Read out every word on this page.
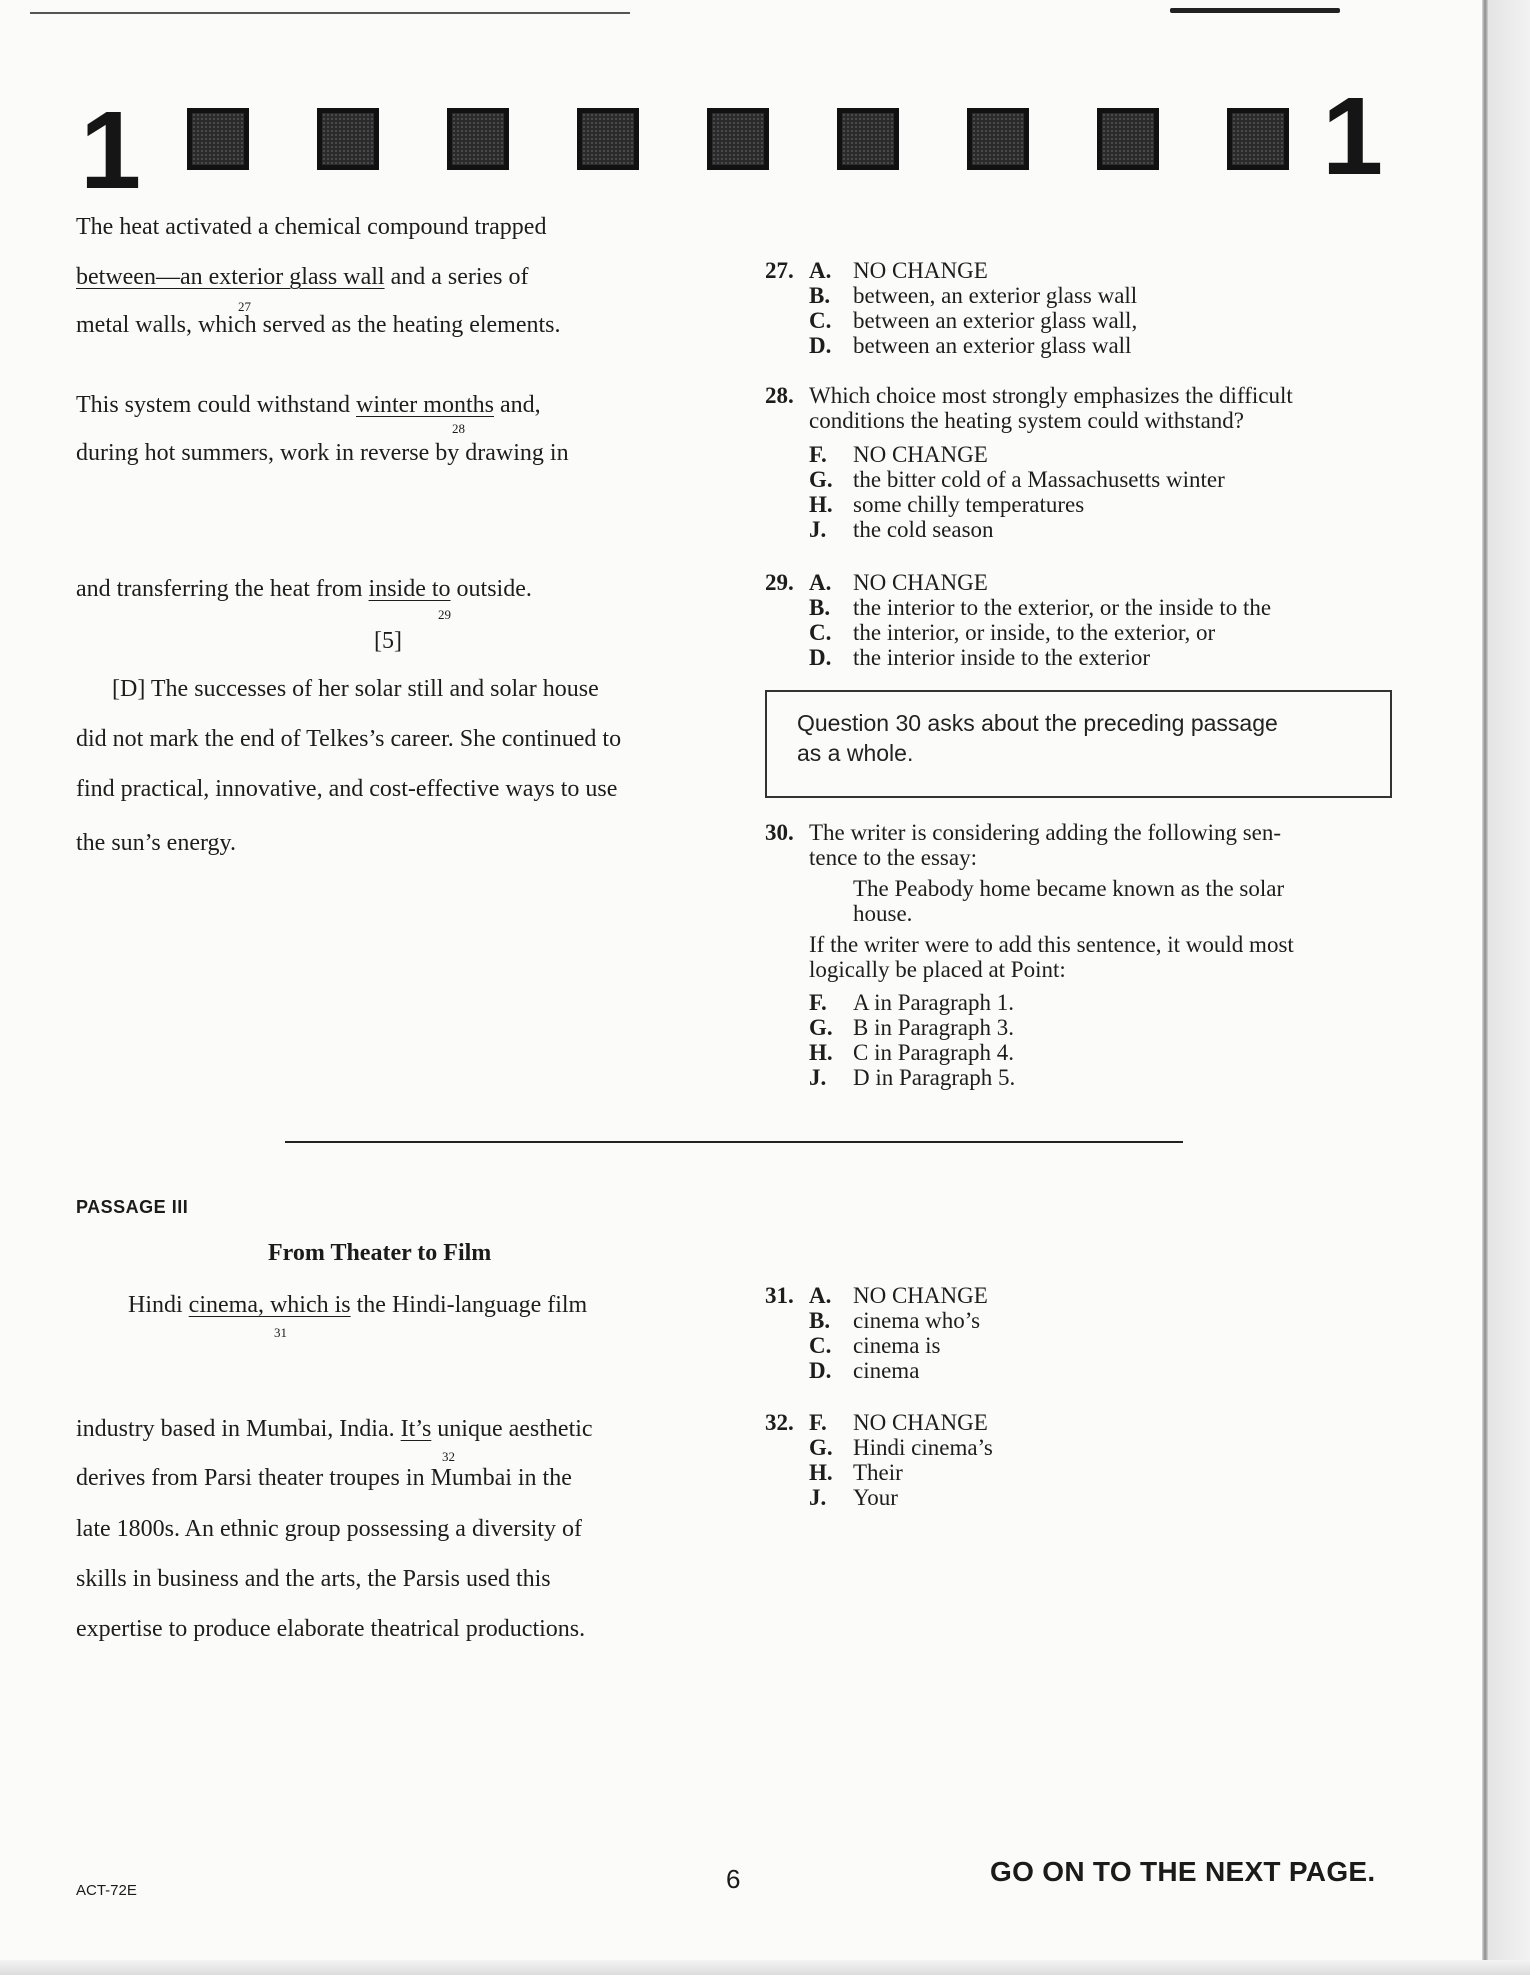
1	1
The heat activated a chemical compound trapped
between—an exterior glass wall and a series of
27
metal walls, which served as the heating elements.
This system could withstand winter months and,
28
during hot summers, work in reverse by drawing in
and transferring the heat from inside to outside.
29
[5]
[D] The successes of her solar still and solar house
did not mark the end of Telkes’s career. She continued to
find practical, innovative, and cost-effective ways to use
the sun’s energy.
27. A. NO CHANGE
B. between, an exterior glass wall
C. between an exterior glass wall,
D. between an exterior glass wall
28. Which choice most strongly emphasizes the difficult
conditions the heating system could withstand?
F. NO CHANGE
G. the bitter cold of a Massachusetts winter
H. some chilly temperatures
J. the cold season
29. A. NO CHANGE
B. the interior to the exterior, or the inside to the
C. the interior, or inside, to the exterior, or
D. the interior inside to the exterior
Question 30 asks about the preceding passage
as a whole.
30. The writer is considering adding the following sen-
tence to the essay:
The Peabody home became known as the solar
house.
If the writer were to add this sentence, it would most
logically be placed at Point:
F. A in Paragraph 1.
G. B in Paragraph 3.
H. C in Paragraph 4.
J. D in Paragraph 5.
PASSAGE III
From Theater to Film
Hindi cinema, which is the Hindi-language film
31
industry based in Mumbai, India. It’s unique aesthetic
32
derives from Parsi theater troupes in Mumbai in the
late 1800s. An ethnic group possessing a diversity of
skills in business and the arts, the Parsis used this
expertise to produce elaborate theatrical productions.
31. A. NO CHANGE
B. cinema who’s
C. cinema is
D. cinema
32. F. NO CHANGE
G. Hindi cinema’s
H. Their
J. Your
ACT-72E	6	GO ON TO THE NEXT PAGE.
